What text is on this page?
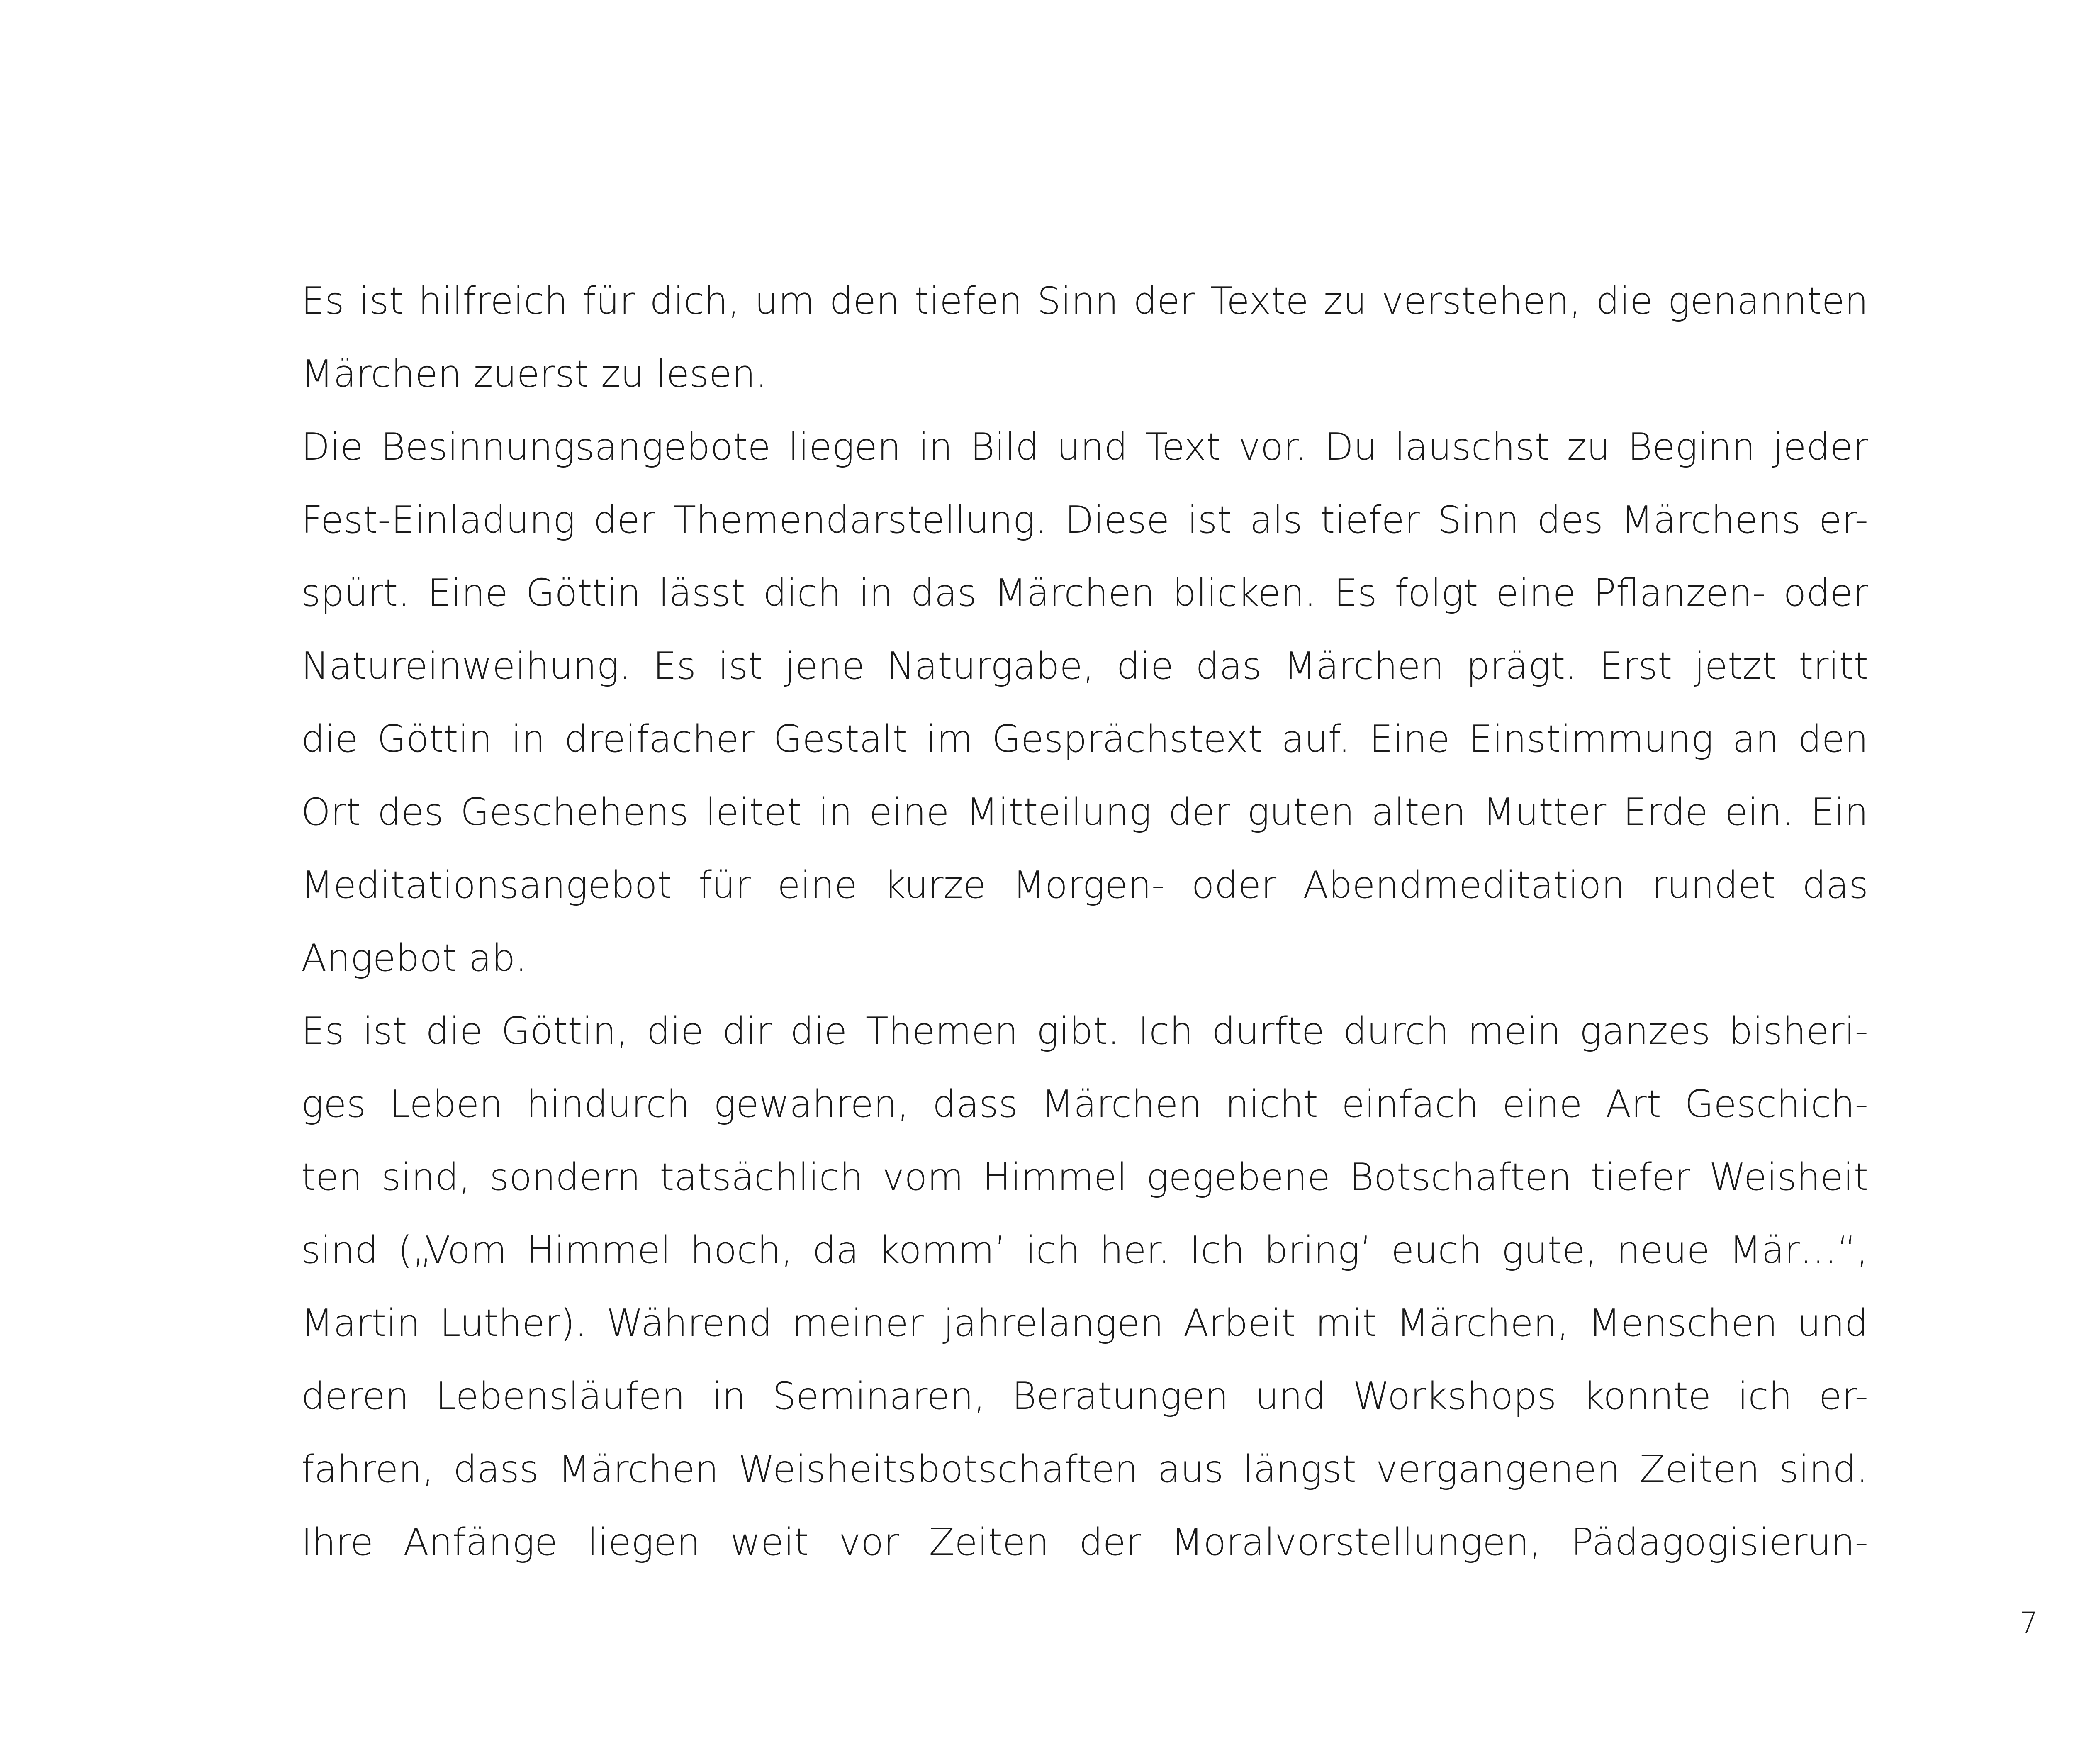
Es ist hilfreich für dich, um den tiefen Sinn der Texte zu verstehen, die genannten
Märchen zuerst zu lesen.
Die Besinnungsangebote liegen in Bild und Text vor. Du lauschst zu Beginn jeder
Fest-Einladung der Themendarstellung. Diese ist als tiefer Sinn des Märchens er-
spürt. Eine Göttin lässt dich in das Märchen blicken. Es folgt eine Pflanzen- oder
Natureinweihung. Es ist jene Naturgabe, die das Märchen prägt. Erst jetzt tritt
die Göttin in dreifacher Gestalt im Gesprächstext auf. Eine Einstimmung an den
Ort des Geschehens leitet in eine Mitteilung der guten alten Mutter Erde ein. Ein
Meditationsangebot für eine kurze Morgen- oder Abendmeditation rundet das
Angebot ab.
Es ist die Göttin, die dir die Themen gibt. Ich durfte durch mein ganzes bisheri-
ges Leben hindurch gewahren, dass Märchen nicht einfach eine Art Geschich-
ten sind, sondern tatsächlich vom Himmel gegebene Botschaften tiefer Weisheit
sind („Vom Himmel hoch, da komm’ ich her. Ich bring’ euch gute, neue Mär…“,
Martin Luther). Während meiner jahrelangen Arbeit mit Märchen, Menschen und
deren Lebensläufen in Seminaren, Beratungen und Workshops konnte ich er-
fahren, dass Märchen Weisheitsbotschaften aus längst vergangenen Zeiten sind.
Ihre Anfänge liegen weit vor Zeiten der Moralvorstellungen, Pädagogisierun-
7
